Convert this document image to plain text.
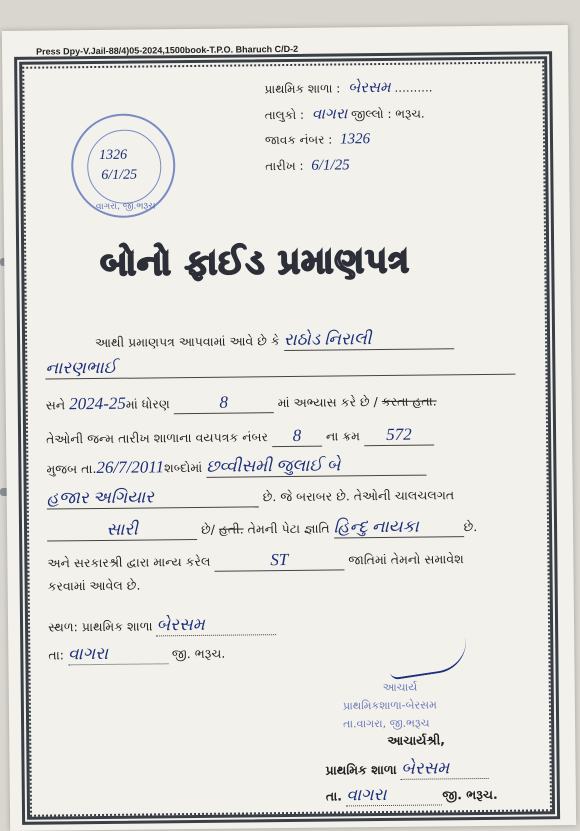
Press Dpy-V.Jail-88/4)05-2024,1500book-T.P.O. Bharuch C/D-2
પ્રાથમિક શાળા : બેરસમ ..........
તાલુકો : વાગરા જીલ્લો : ભરૂચ.
જાવક નંબર : 1326
તારીખ : 6/1/25
1326
6/1/25
વાગરા, જી.ભરૂચ
બોનો ફાઈડ પ્રમાણપત્ર
આથી પ્રમાણપત્ર આપવામાં આવે છે કે રાઠોડ નિરાલી
નારણભાઈ
સને 2024-25માં ધોરણ	8	માં અભ્યાસ કરે છે / કરતા હતા.
તેઓની જન્મ તારીખ શાળાના વયપત્રક નંબર 8 ના ક્રમ 572
મુજબ તા.26/7/2011શબ્દોમાં છવ્વીસમી જુલાઈ બે
હજાર અગિયાર	છે. જે બરાબર છે. તેઓની ચાલચલગત
સારી	છે/ હતી. તેમની પેટા જ્ઞાતિ હિન્દુ નાયકા	છે.
અને સરકારશ્રી દ્વારા માન્ય કરેલ	ST	જાતિમાં તેમનો સમાવેશ
કરવામાં આવેલ છે.
સ્થળ: પ્રાથમિક શાળા બેરસમ
તા: વાગરા	જી. ભરૂચ.
આચાર્ય
પ્રાથમિકશાળા-બેરસમ
તા.વાગરા, જી.ભરૂચ
આચાર્યશ્રી,
પ્રાથમિક શાળા બેરસમ
તા. વાગરા	જી. ભરૂચ.
